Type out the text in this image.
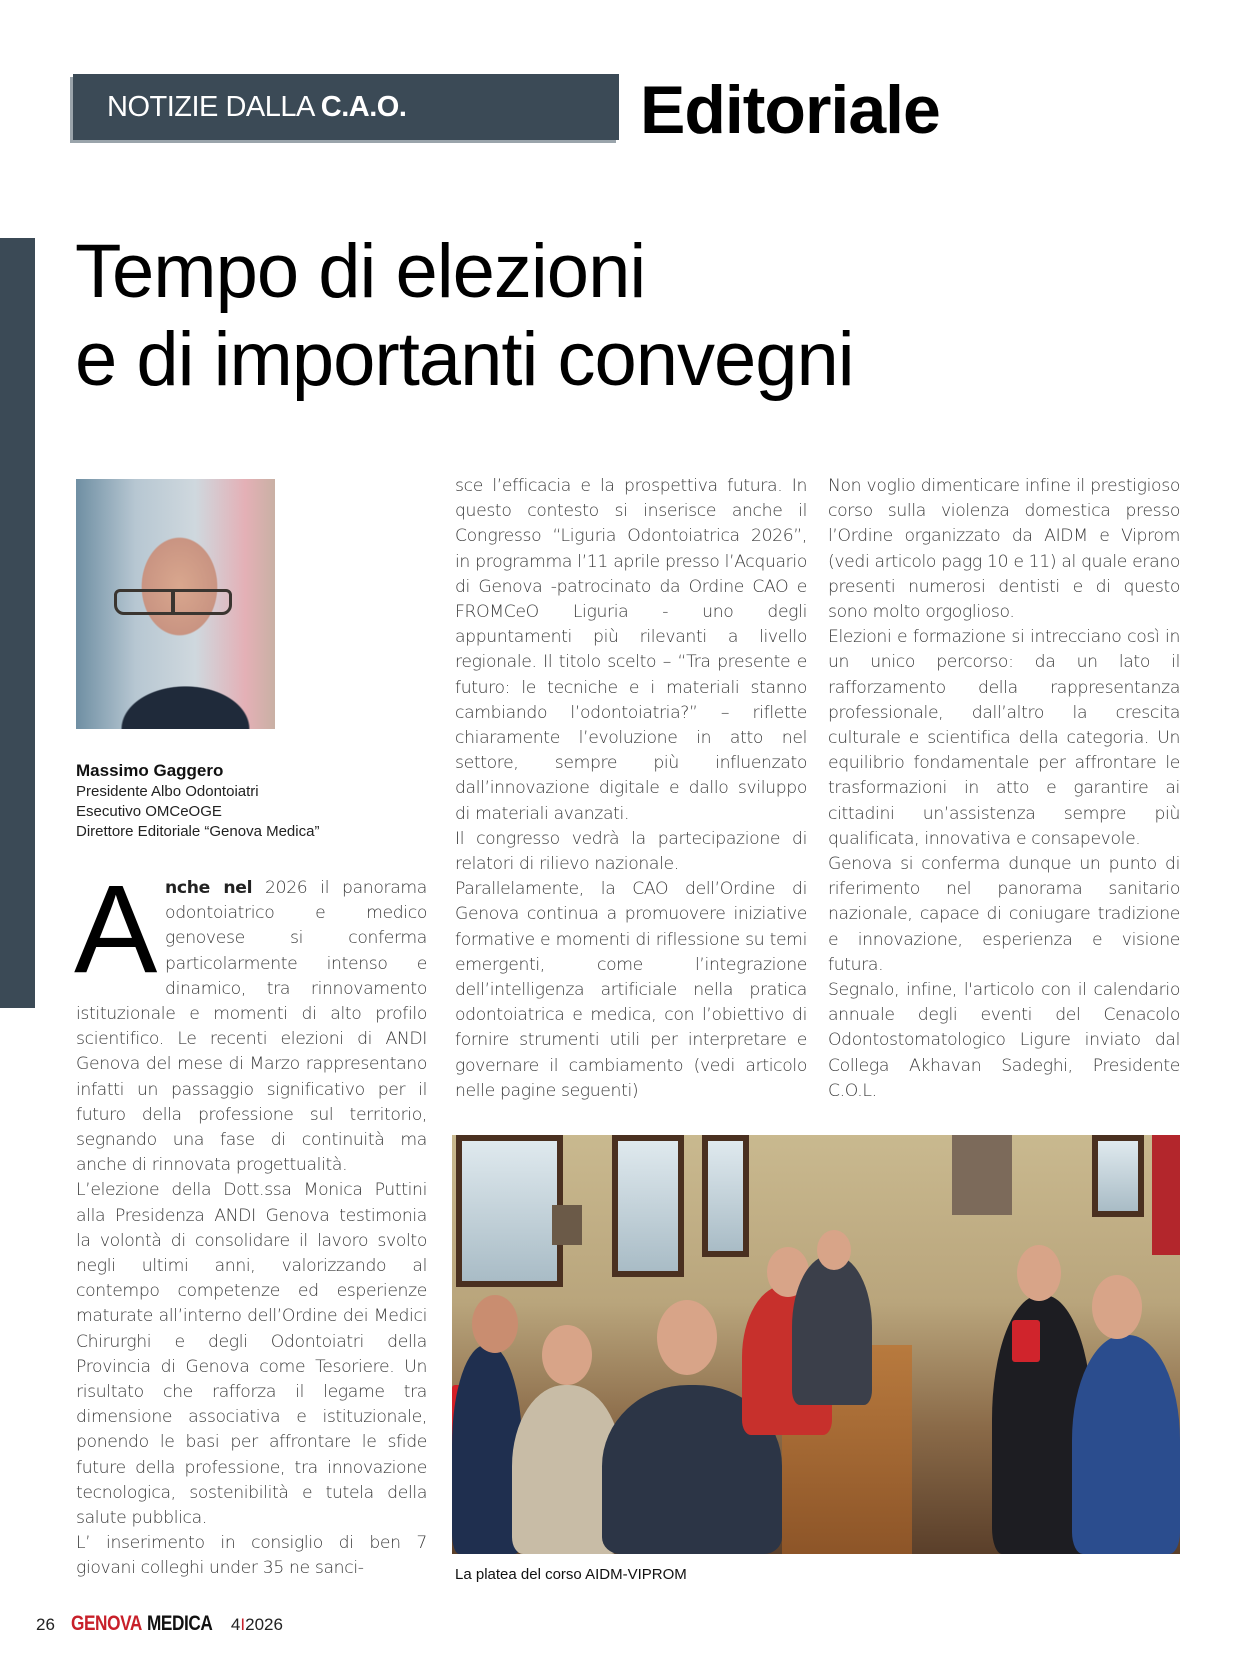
NOTIZIE DALLA C.A.O.	Editoriale
Tempo di elezioni
e di importanti convegni
Massimo Gaggero
Presidente Albo Odontoiatri
Esecutivo OMCeOGE
Direttore Editoriale “Genova Medica”

Anche nel 2026 il panorama odontoiatrico e medico genovese si conferma particolarmente intenso e dinamico, tra rinnovamento istituzionale e momenti di alto profilo scientifico. Le recenti elezioni di ANDI Genova del mese di Marzo rappresentano infatti un passaggio significativo per il futuro della professione sul territorio, segnando una fase di continuità ma anche di rinnovata progettualità.

L’elezione della Dott.ssa Monica Puttini alla Presidenza ANDI Genova testimonia la volontà di consolidare il lavoro svolto negli ultimi anni, valorizzando al contempo competenze ed esperienze maturate all’interno dell’Ordine dei Medici Chirurghi e degli Odontoiatri della Provincia di Genova come Tesoriere. Un risultato che rafforza il legame tra dimensione associativa e istituzionale, ponendo le basi per affrontare le sfide future della professione, tra innovazione tecnologica, sostenibilità e tutela della salute pubblica.

L’ inserimento in consiglio di ben 7 giovani colleghi under 35 ne sanci-

sce l’efficacia e la prospettiva futura. In questo contesto si inserisce anche il Congresso “Liguria Odontoiatrica 2026”, in programma l’11 aprile presso l’Acquario di Genova -patrocinato da Ordine CAO e FROMCeO Liguria - uno degli appuntamenti più rilevanti a livello regionale. Il titolo scelto – “Tra presente e futuro: le tecniche e i materiali stanno cambiando l’odontoiatria?” – riflette chiaramente l’evoluzione in atto nel settore, sempre più influenzato dall’innovazione digitale e dallo sviluppo di materiali avanzati.

Il congresso vedrà la partecipazione di relatori di rilievo nazionale.

Parallelamente, la CAO dell’Ordine di Genova continua a promuovere iniziative formative e momenti di riflessione su temi emergenti, come l’integrazione dell’intelligenza artificiale nella pratica odontoiatrica e medica, con l’obiettivo di fornire strumenti utili per interpretare e governare il cambiamento (vedi articolo nelle pagine seguenti)

Non voglio dimenticare infine il prestigioso corso sulla violenza domestica presso l’Ordine organizzato da AIDM e Viprom (vedi articolo pagg 10 e 11) al quale erano presenti numerosi dentisti e di questo sono molto orgoglioso.

Elezioni e formazione si intrecciano così in un unico percorso: da un lato il rafforzamento della rappresentanza professionale, dall’altro la crescita culturale e scientifica della categoria. Un equilibrio fondamentale per affrontare le trasformazioni in atto e garantire ai cittadini un’assistenza sempre più qualificata, innovativa e consapevole.

Genova si conferma dunque un punto di riferimento nel panorama sanitario nazionale, capace di coniugare tradizione e innovazione, esperienza e visione futura.

Segnalo, infine, l'articolo con il calendario annuale degli eventi del Cenacolo Odontostomatologico Ligure inviato dal Collega Akhavan Sadeghi, Presidente C.O.L.

La platea del corso AIDM-VIPROM
26 GENOVA MEDICA 4I2026
